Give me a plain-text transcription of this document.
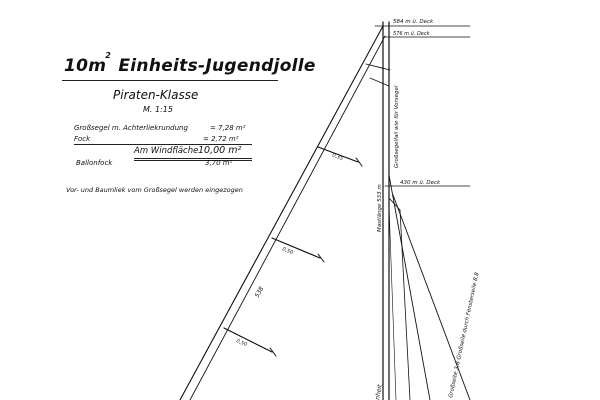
584 m ü. Deck
576 m ü. Deck
430 m ü. Deck
Großsegelfall wie für Vorsegel
Mastlänge 533 m
538
0,35
0,50
0,50	Großseite 3,8 Großseile durch Fensterseile 8,8
nheit
$10m^2$ Einheits-Jugendjolle
Piraten-Klasse
M. 1:15
Großsegel m. Achterliekrundung	= 7,28 m²
Fock	= 2,72 m²
Am Windfläche 10,00 m²
Ballonfock	3,70 m²
Vor- und Baumliek vom Großsegel werden eingezogen
